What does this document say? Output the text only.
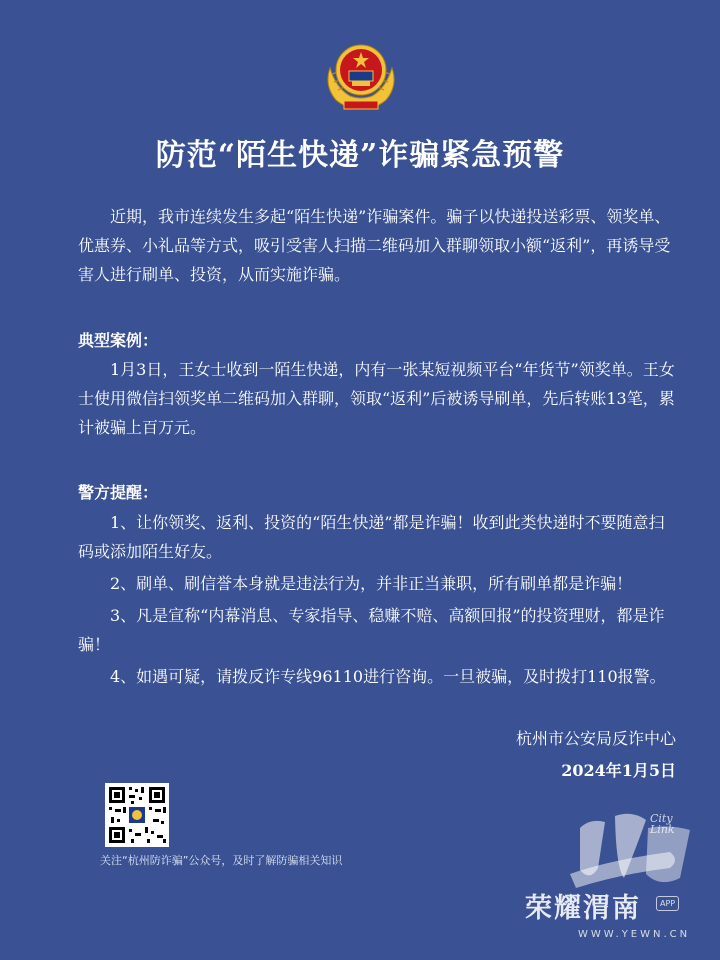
防范“陌生快递”诈骗紧急预警

近期，我市连续发生多起“陌生快递”诈骗案件。骗子以快递投送彩票、领奖单、优惠券、小礼品等方式，吸引受害人扫描二维码加入群聊领取小额“返利”，再诱导受害人进行刷单、投资，从而实施诈骗。

典型案例：

1月3日，王女士收到一陌生快递，内有一张某短视频平台“年货节”领奖单。王女士使用微信扫领奖单二维码加入群聊，领取“返利”后被诱导刷单，先后转账13笔，累计被骗上百万元。

警方提醒：
1、让你领奖、返利、投资的“陌生快递”都是诈骗！收到此类快递时不要随意扫码或添加陌生好友。
2、刷单、刷信誉本身就是违法行为，并非正当兼职，所有刷单都是诈骗！
3、凡是宣称“内幕消息、专家指导、稳赚不赔、高额回报”的投资理财，都是诈骗！
4、如遇可疑，请拨反诈专线96110进行咨询。一旦被骗，及时拨打110报警。
杭州市公安局反诈中心
2024年1月5日
关注“杭州防诈骗”公众号，及时了解防骗相关知识
City
Link
荣耀渭南	APP
WWW.YEWN.CN
